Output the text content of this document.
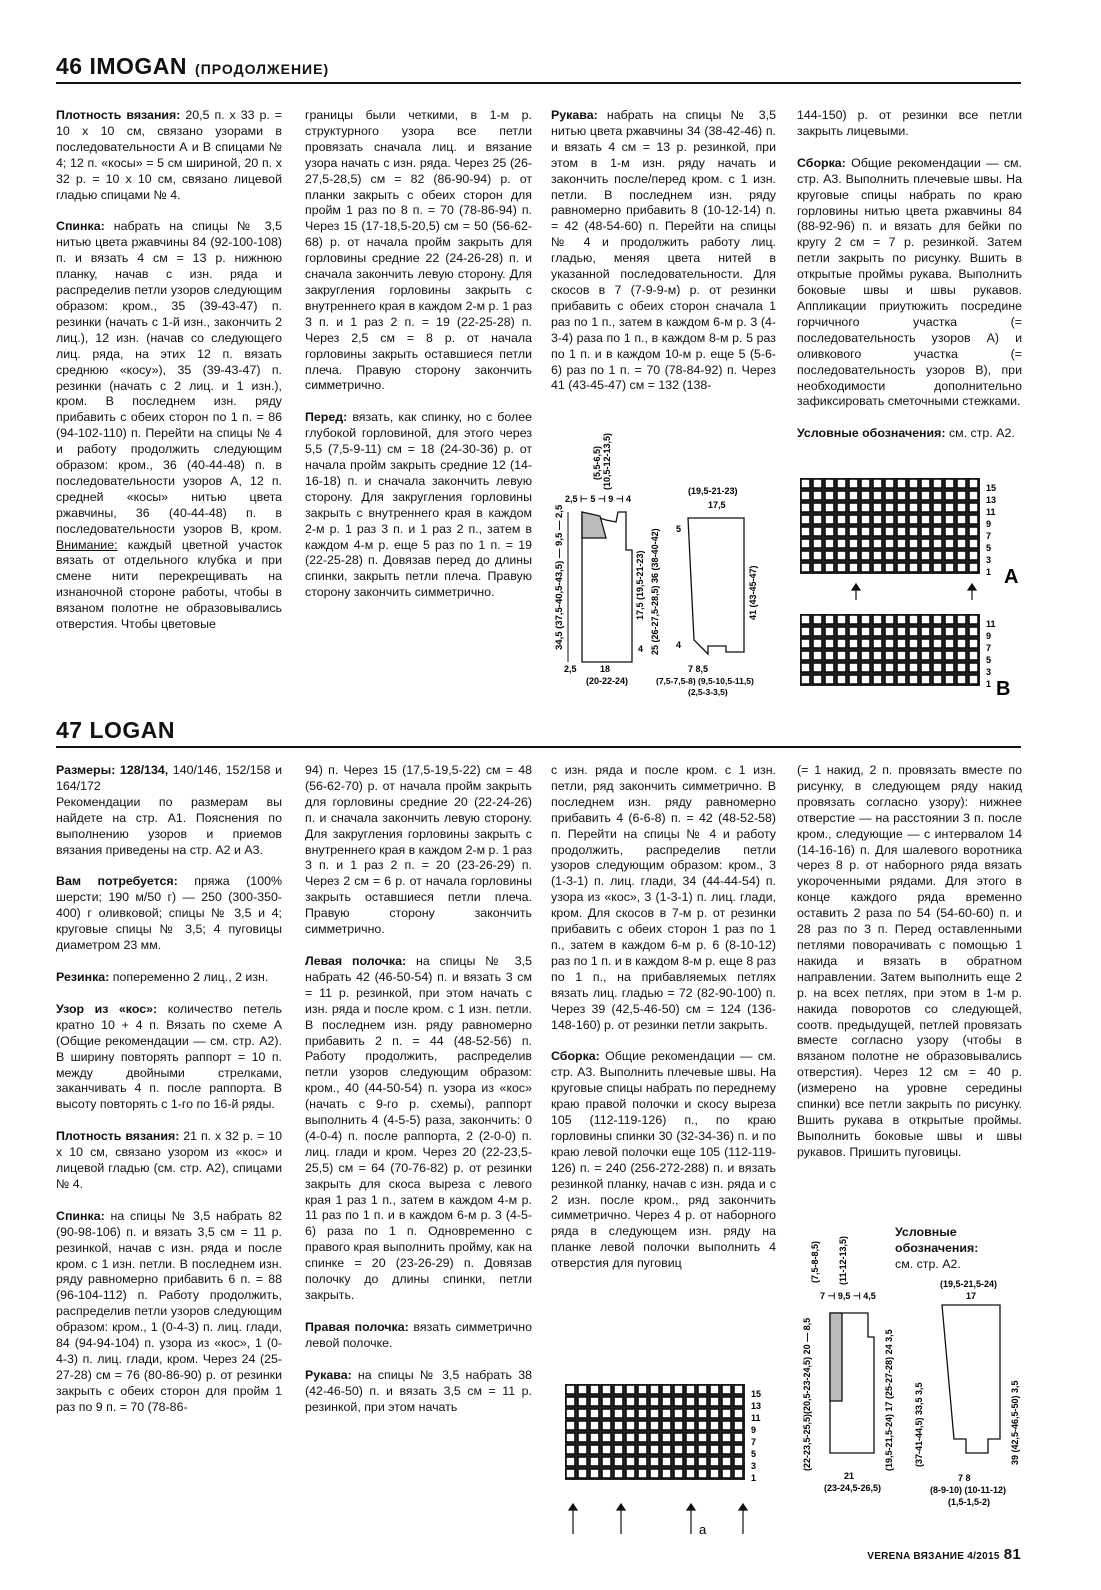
46 IMOGAN (ПРОДОЛЖЕНИЕ)

Плотность вязания: 20,5 п. х 33 р. = 10 х 10 см, связано узорами в последовательности А и В спицами № 4; 12 п. «косы» = 5 см шириной, 20 п. х 32 р. = 10 х 10 см, связано лицевой гладью спицами № 4.

Спинка: набрать на спицы № 3,5 нитью цвета ржавчины 84 (92-100-108) п. и вязать 4 см = 13 р. нижнюю планку, начав с изн. ряда и распределив петли узоров следующим образом: кром., 35 (39-43-47) п. резинки (начать с 1-й изн., закончить 2 лиц.), 12 изн. (начав со следующего лиц. ряда, на этих 12 п. вязать среднюю «косу»), 35 (39-43-47) п. резинки (начать с 2 лиц. и 1 изн.), кром. В последнем изн. ряду прибавить с обеих сторон по 1 п. = 86 (94-102-110) п. Перейти на спицы № 4 и работу продолжить следующим образом: кром., 36 (40-44-48) п. в последовательности узоров А, 12 п. средней «косы» нитью цвета ржавчины, 36 (40-44-48) п. в последовательности узоров В, кром. Внимание: каждый цветной участок вязать от отдельного клубка и при смене нити перекрещивать на изнаночной стороне работы, чтобы в вязаном полотне не образовывались отверстия. Чтобы цветовые

границы были четкими, в 1-м р. структурного узора все петли провязать сначала лиц. и вязание узора начать с изн. ряда. Через 25 (26-27,5-28,5) см = 82 (86-90-94) р. от планки закрыть с обеих сторон для пройм 1 раз по 8 п. = 70 (78-86-94) п. Через 15 (17-18,5-20,5) см = 50 (56-62-68) р. от начала пройм закрыть для горловины средние 22 (24-26-28) п. и сначала закончить левую сторону. Для закругления горловины закрыть с внутреннего края в каждом 2-м р. 1 раз 3 п. и 1 раз 2 п. = 19 (22-25-28) п. Через 2,5 см = 8 р. от начала горловины закрыть оставшиеся петли плеча. Правую сторону закончить симметрично.

Перед: вязать, как спинку, но с более глубокой горловиной, для этого через 5,5 (7,5-9-11) см = 18 (24-30-36) р. от начала пройм закрыть средние 12 (14-16-18) п. и сначала закончить левую сторону. Для закругления горловины закрыть с внутреннего края в каждом 2-м р. 1 раз 3 п. и 1 раз 2 п., затем в каждом 4-м р. еще 5 раз по 1 п. = 19 (22-25-28) п. Довязав перед до длины спинки, закрыть петли плеча. Правую сторону закончить симметрично.

Рукава: набрать на спицы № 3,5 нитью цвета ржавчины 34 (38-42-46) п. и вязать 4 см = 13 р. резинкой, при этом в 1-м изн. ряду начать и закончить после/перед кром. с 1 изн. петли. В последнем изн. ряду равномерно прибавить 8 (10-12-14) п. = 42 (48-54-60) п. Перейти на спицы № 4 и продолжить работу лиц. гладью, меняя цвета нитей в указанной последовательности. Для скосов в 7 (7-9-9-м) р. от резинки прибавить с обеих сторон сначала 1 раз по 1 п., затем в каждом 6-м р. 3 (4-3-4) раза по 1 п., в каждом 8-м р. 5 раз по 1 п. и в каждом 10-м р. еще 5 (5-6-6) раз по 1 п. = 70 (78-84-92) п. Через 41 (43-45-47) см = 132 (138-

144-150) р. от резинки все петли закрыть лицевыми.

Сборка: Общие рекомендации — см. стр. А3. Выполнить плечевые швы. На круговые спицы набрать по краю горловины нитью цвета ржавчины 84 (88-92-96) п. и вязать для бейки по кругу 2 см = 7 р. резинкой. Затем петли закрыть по рисунку. Вшить в открытые проймы рукава. Выполнить боковые швы и швы рукавов. Аппликации приутюжить посредине горчичного участка (= последовательность узоров А) и оливкового участка (= последовательность узоров В), при необходимости дополнительно зафиксировать сметочными стежками.

Условные обозначения: см. стр. А2.

34,5 (37,5-40,5-43,5) — 9,5 — 2,5
(5,5-6,5) (10,5-12-13,5)
2,5 ⊢ 5 ⊣ 9 ⊣ 4
17,5 (19,5-21-23) 25 (26-27,5-28,5) 36 (38-40-42)
4
2,5	18
(20-22-24)
(19,5-21-23)
17,5
41 (43-45-47)
5
4
7 8,5
(7,5-7,5-8) (9,5-10,5-11,5)
(2,5-3-3,5)
15
13
11
9
7
5
3
1 A
11
9
7
5
3
1 B
47 LOGAN

Размеры: 128/134, 140/146, 152/158 и 164/172

Рекомендации по размерам вы найдете на стр. А1. Пояснения по выполнению узоров и приемов вязания приведены на стр. А2 и А3.

Вам потребуется: пряжа (100% шерсти; 190 м/50 г) — 250 (300-350-400) г оливковой; спицы № 3,5 и 4; круговые спицы № 3,5; 4 пуговицы диаметром 23 мм.

Резинка: попеременно 2 лиц., 2 изн.

Узор из «кос»: количество петель кратно 10 + 4 п. Вязать по схеме А (Общие рекомендации — см. стр. А2). В ширину повторять раппорт = 10 п. между двойными стрелками, заканчивать 4 п. после раппорта. В высоту повторять с 1-го по 16-й ряды.

Плотность вязания: 21 п. х 32 р. = 10 х 10 см, связано узором из «кос» и лицевой гладью (см. стр. А2), спицами № 4.

Спинка: на спицы № 3,5 набрать 82 (90-98-106) п. и вязать 3,5 см = 11 р. резинкой, начав с изн. ряда и после кром. с 1 изн. петли. В последнем изн. ряду равномерно прибавить 6 п. = 88 (96-104-112) п. Работу продолжить, распределив петли узоров следующим образом: кром., 1 (0-4-3) п. лиц. глади, 84 (94-94-104) п. узора из «кос», 1 (0-4-3) п. лиц. глади, кром. Через 24 (25-27-28) см = 76 (80-86-90) р. от резинки закрыть с обеих сторон для пройм 1 раз по 9 п. = 70 (78-86-

94) п. Через 15 (17,5-19,5-22) см = 48 (56-62-70) р. от начала пройм закрыть для горловины средние 20 (22-24-26) п. и сначала закончить левую сторону. Для закругления горловины закрыть с внутреннего края в каждом 2-м р. 1 раз 3 п. и 1 раз 2 п. = 20 (23-26-29) п. Через 2 см = 6 р. от начала горловины закрыть оставшиеся петли плеча. Правую сторону закончить симметрично.

Левая полочка: на спицы № 3,5 набрать 42 (46-50-54) п. и вязать 3 см = 11 р. резинкой, при этом начать с изн. ряда и после кром. с 1 изн. петли. В последнем изн. ряду равномерно прибавить 2 п. = 44 (48-52-56) п. Работу продолжить, распределив петли узоров следующим образом: кром., 40 (44-50-54) п. узора из «кос» (начать с 9-го р. схемы), раппорт выполнить 4 (4-5-5) раза, закончить: 0 (4-0-4) п. после раппорта, 2 (2-0-0) п. лиц. глади и кром. Через 20 (22-23,5-25,5) см = 64 (70-76-82) р. от резинки закрыть для скоса выреза с левого края 1 раз 1 п., затем в каждом 4-м р. 11 раз по 1 п. и в каждом 6-м р. 3 (4-5-6) раза по 1 п. Одновременно с правого края выполнить пройму, как на спинке = 20 (23-26-29) п. Довязав полочку до длины спинки, петли закрыть.

Правая полочка: вязать симметрично левой полочке.

Рукава: на спицы № 3,5 набрать 38 (42-46-50) п. и вязать 3,5 см = 11 р. резинкой, при этом начать

с изн. ряда и после кром. с 1 изн. петли, ряд закончить симметрично. В последнем изн. ряду равномерно прибавить 4 (6-6-8) п. = 42 (48-52-58) п. Перейти на спицы № 4 и работу продолжить, распределив петли узоров следующим образом: кром., 3 (1-3-1) п. лиц. глади, 34 (44-44-54) п. узора из «кос», 3 (1-3-1) п. лиц. глади, кром. Для скосов в 7-м р. от резинки прибавить с обеих сторон 1 раз по 1 п., затем в каждом 6-м р. 6 (8-10-12) раз по 1 п. и в каждом 8-м р. еще 8 раз по 1 п., на прибавляемых петлях вязать лиц. гладью = 72 (82-90-100) п. Через 39 (42,5-46-50) см = 124 (136-148-160) р. от резинки петли закрыть.

Сборка: Общие рекомендации — см. стр. А3. Выполнить плечевые швы. На круговые спицы набрать по переднему краю правой полочки и скосу выреза 105 (112-119-126) п., по краю горловины спинки 30 (32-34-36) п. и по краю левой полочки еще 105 (112-119-126) п. = 240 (256-272-288) п. и вязать резинкой планку, начав с изн. ряда и с 2 изн. после кром., ряд закончить симметрично. Через 4 р. от наборного ряда в следующем изн. ряду на планке левой полочки выполнить 4 отверстия для пуговиц

(= 1 накид, 2 п. провязать вместе по рисунку, в следующем ряду накид провязать согласно узору): нижнее отверстие — на расстоянии 3 п. после кром., следующие — с интервалом 14 (14-16-16) п. Для шалевого воротника через 8 р. от наборного ряда вязать укороченными рядами. Для этого в конце каждого ряда временно оставить 2 раза по 54 (54-60-60) п. и 28 раз по 3 п. Перед оставленными петлями поворачивать с помощью 1 накида и вязать в обратном направлении. Затем выполнить еще 2 р. на всех петлях, при этом в 1-м р. накида поворотов со следующей, соотв. предыдущей, петлей провязать вместе согласно узору (чтобы в вязаном полотне не образовывались отверстия). Через 12 см = 40 р. (измерено на уровне середины спинки) все петли закрыть по рисунку. Вшить рукава в открытые проймы. Выполнить боковые швы и швы рукавов. Пришить пуговицы.

Условные обозначения:
см. стр. А2.
15
13
11
9
7
5
3
1
a
(7,5-8-8,5) (11-12-13,5)
7 ⊣ 9,5 ⊣ 4,5
(22-23,5-25,5)(20,5-23-24,5) 20 — 8,5	(19,5-21,5-24) 17 (25-27-28) 24 3,5
21
(23-24,5-26,5)
(19,5-21,5-24)
17
(37-41-44,5) 33,5 3,5	39 (42,5-46,5-50) 3,5
7 8
(8-9-10) (10-11-12)
(1,5-1,5-2)
VERENA ВЯЗАНИЕ 4/2015 81
